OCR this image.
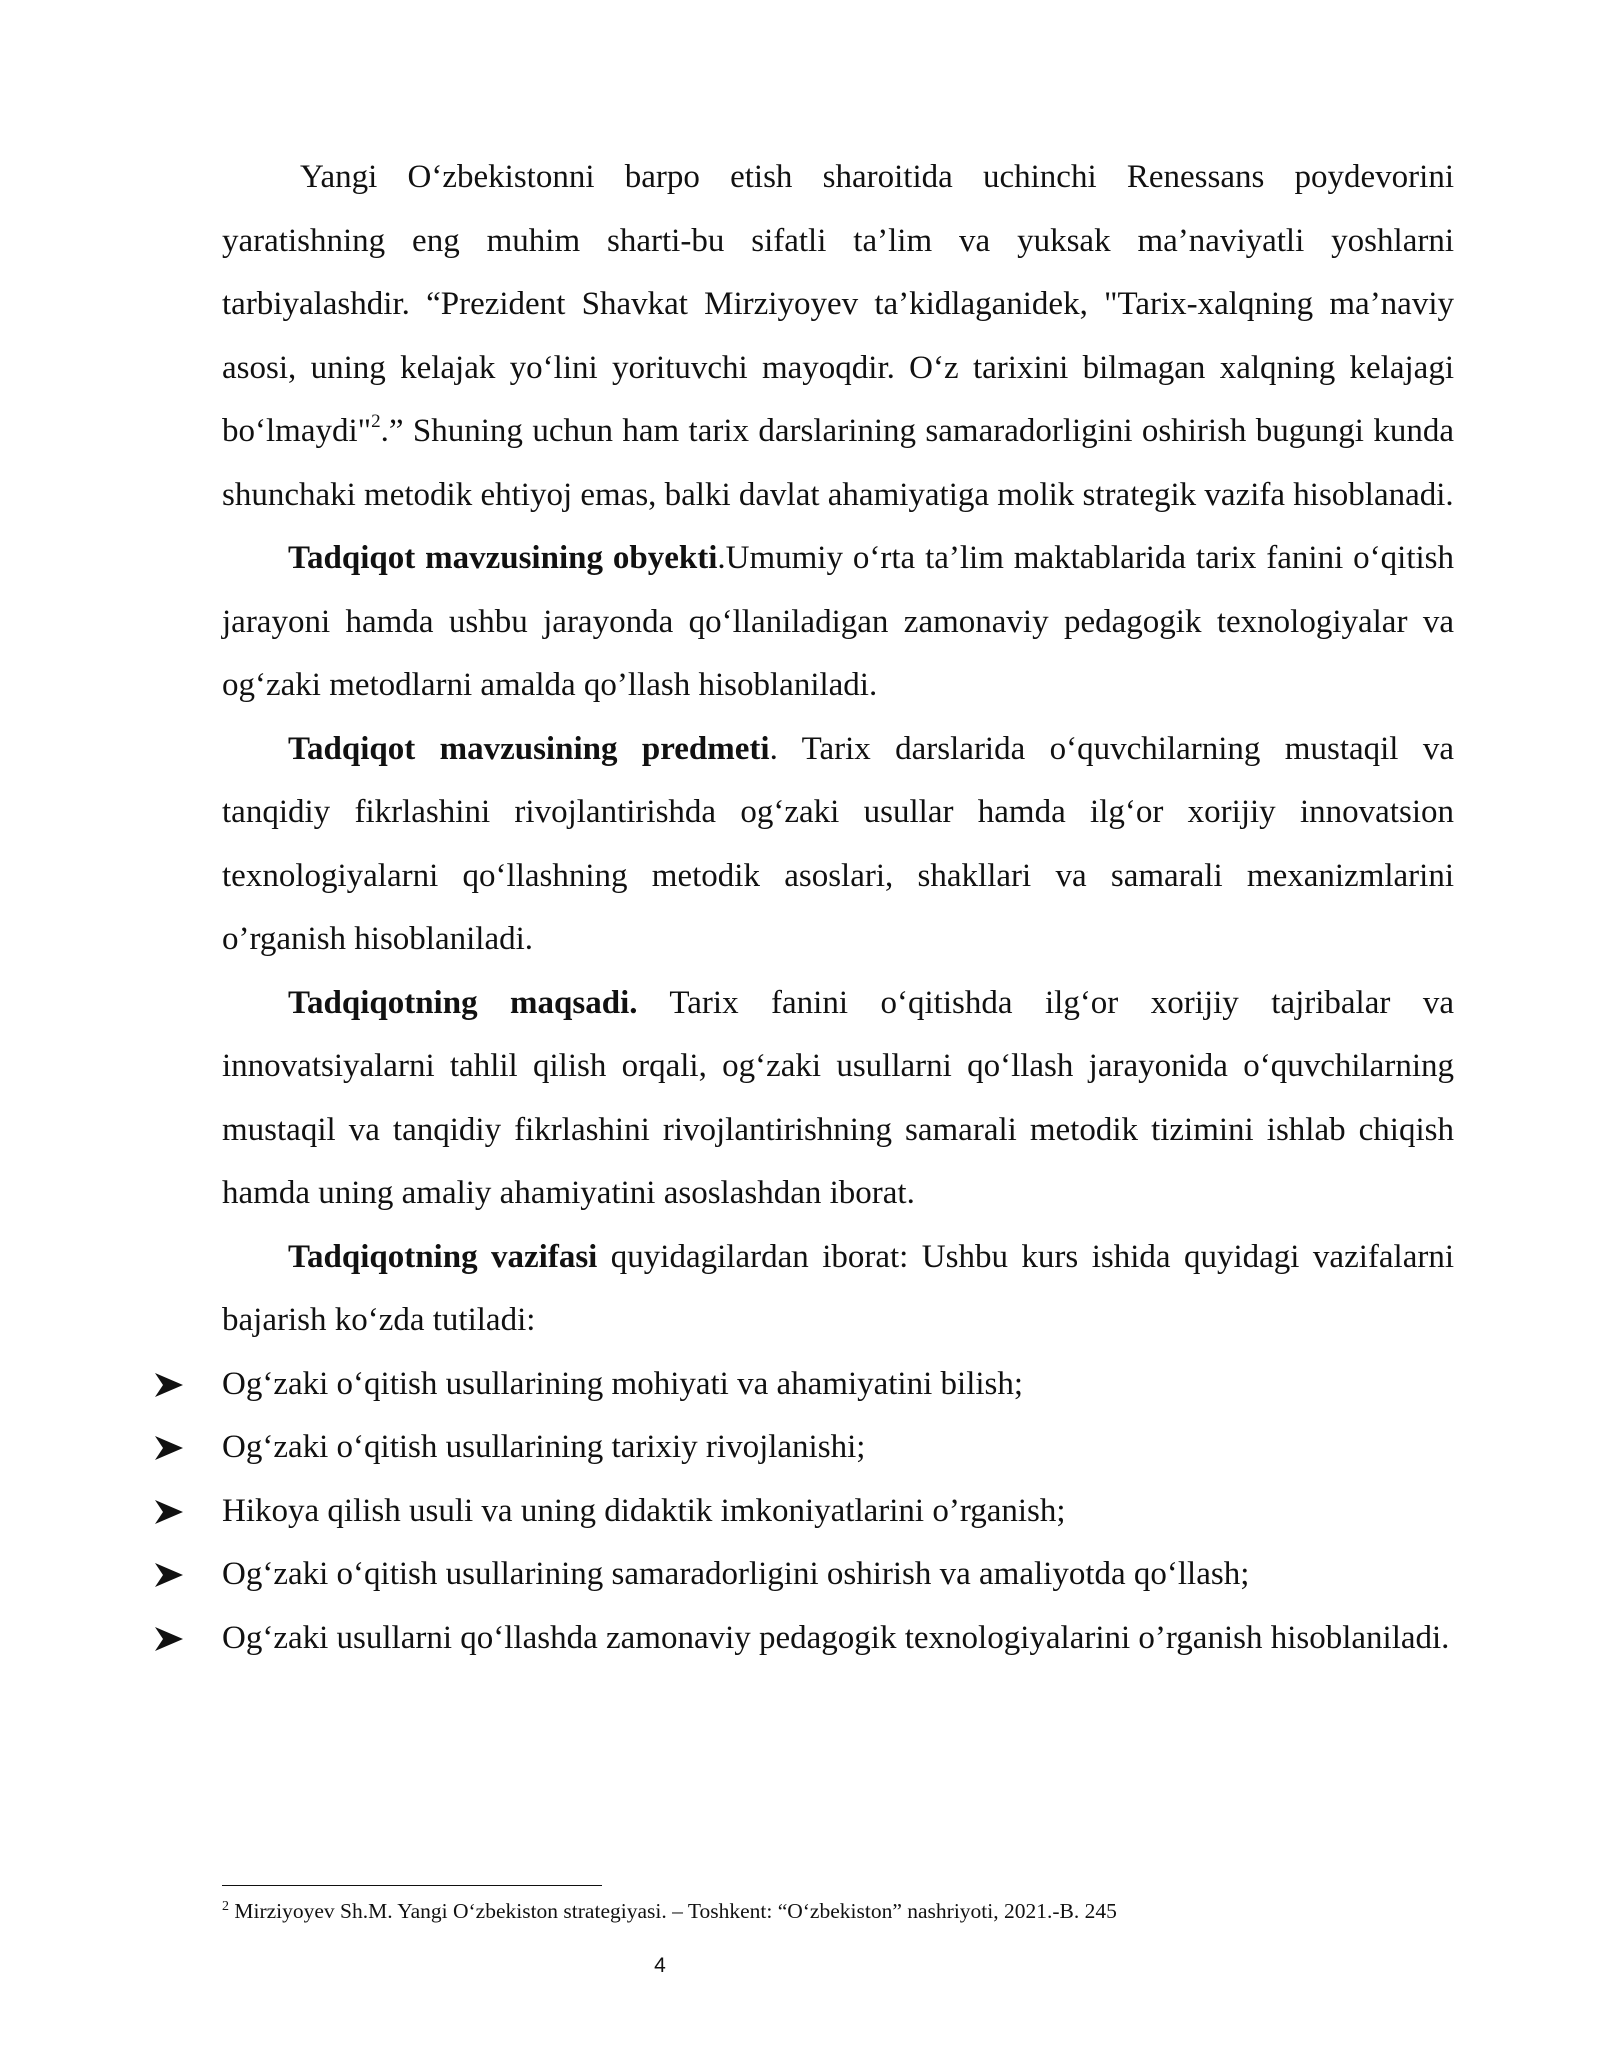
Yangi O‘zbekistonni barpo etish sharoitida uchinchi Renessans poydevorini yaratishning eng muhim sharti-bu sifatli ta’lim va yuksak ma’naviyatli yoshlarni tarbiyalashdir. “Prezident Shavkat Mirziyoyev ta’kidlaganidek, "Tarix-xalqning ma’naviy asosi, uning kelajak yo‘lini yorituvchi mayoqdir. O‘z tarixini bilmagan xalqning kelajagi bo‘lmaydi"$^2$.” Shuning uchun ham tarix darslarining samaradorligini oshirish bugungi kunda shunchaki metodik ehtiyoj emas, balki davlat ahamiyatiga molik strategik vazifa hisoblanadi.

Tadqiqot mavzusining obyekti.Umumiy o‘rta ta’lim maktablarida tarix fanini o‘qitish jarayoni hamda ushbu jarayonda qo‘llaniladigan zamonaviy pedagogik texnologiyalar va og‘zaki metodlarni amalda qo’llash hisoblaniladi.

Tadqiqot mavzusining predmeti. Tarix darslarida o‘quvchilarning mustaqil va tanqidiy fikrlashini rivojlantirishda og‘zaki usullar hamda ilg‘or xorijiy innovatsion texnologiyalarni qo‘llashning metodik asoslari, shakllari va samarali mexanizmlarini o’rganish hisoblaniladi.

Tadqiqotning maqsadi. Tarix fanini o‘qitishda ilg‘or xorijiy tajribalar va innovatsiyalarni tahlil qilish orqali, og‘zaki usullarni qo‘llash jarayonida o‘quvchilarning mustaqil va tanqidiy fikrlashini rivojlantirishning samarali metodik tizimini ishlab chiqish hamda uning amaliy ahamiyatini asoslashdan iborat.

Tadqiqotning vazifasi quyidagilardan iborat: Ushbu kurs ishida quyidagi vazifalarni bajarish ko‘zda tutiladi:

Og‘zaki o‘qitish usullarining mohiyati va ahamiyatini bilish;
Og‘zaki o‘qitish usullarining tarixiy rivojlanishi;
Hikoya qilish usuli va uning didaktik imkoniyatlarini o’rganish;
Og‘zaki o‘qitish usullarining samaradorligini oshirish va amaliyotda qo‘llash;
Og‘zaki usullarni qo‘llashda zamonaviy pedagogik texnologiyalarini o’rganish hisoblaniladi.
$^2$ Mirziyoyev Sh.M. Yangi O‘zbekiston strategiyasi. – Toshkent: “O‘zbekiston” nashriyoti, 2021.-B. 245
4
